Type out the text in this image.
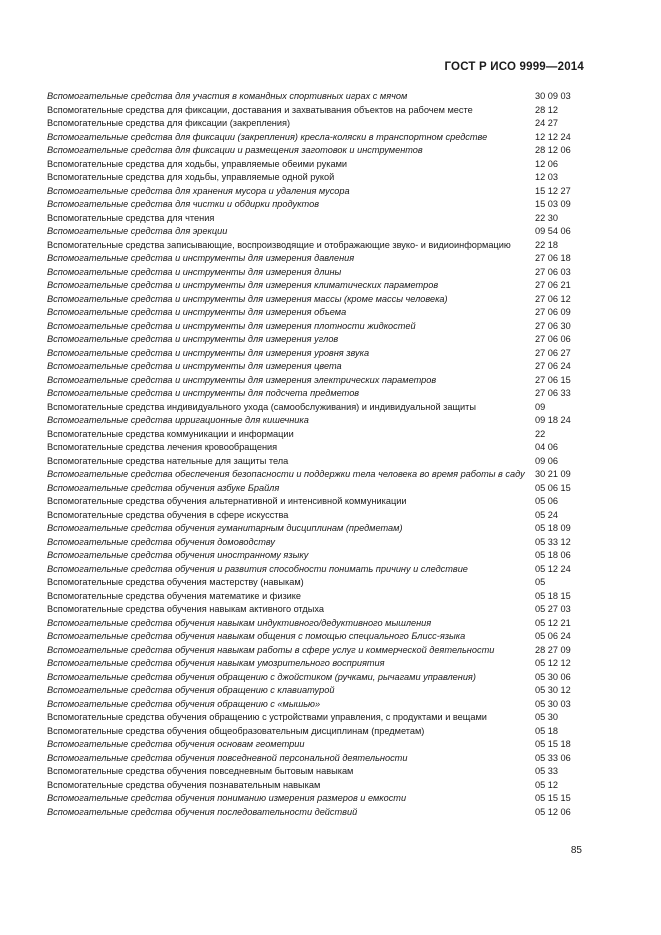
ГОСТ Р ИСО 9999—2014
Вспомогательные средства для участия в командных спортивных играх с мячом	30 09 03
Вспомогательные средства для фиксации, доставания и захватывания объектов на рабочем месте	28 12
Вспомогательные средства для фиксации (закрепления)	24 27
Вспомогательные средства для фиксации (закрепления) кресла-коляски в транспортном средстве	12 12 24
Вспомогательные средства для фиксации и размещения заготовок и инструментов	28 12 06
Вспомогательные средства для ходьбы, управляемые обеими руками	12 06
Вспомогательные средства для ходьбы, управляемые одной рукой	12 03
Вспомогательные средства для хранения мусора и удаления мусора	15 12 27
Вспомогательные средства для чистки и обдирки продуктов	15 03 09
Вспомогательные средства для чтения	22 30
Вспомогательные средства для эрекции	09 54 06
Вспомогательные средства записывающие, воспроизводящие и отображающие звуко- и видиоинформацию	22 18
Вспомогательные средства и инструменты для измерения давления	27 06 18
Вспомогательные средства и инструменты для измерения длины	27 06 03
Вспомогательные средства и инструменты для измерения климатических параметров	27 06 21
Вспомогательные средства и инструменты для измерения массы (кроме массы человека)	27 06 12
Вспомогательные средства и инструменты для измерения объема	27 06 09
Вспомогательные средства и инструменты для измерения плотности жидкостей	27 06 30
Вспомогательные средства и инструменты для измерения углов	27 06 06
Вспомогательные средства и инструменты для измерения уровня звука	27 06 27
Вспомогательные средства и инструменты для измерения цвета	27 06 24
Вспомогательные средства и инструменты для измерения электрических параметров	27 06 15
Вспомогательные средства и инструменты для подсчета предметов	27 06 33
Вспомогательные средства индивидуального ухода (самообслуживания) и индивидуальной защиты	09
Вспомогательные средства ирригационные для кишечника	09 18 24
Вспомогательные средства коммуникации и информации	22
Вспомогательные средства лечения кровообращения	04 06
Вспомогательные средства нательные для защиты тела	09 06
Вспомогательные средства обеспечения безопасности и поддержки тела человека во время работы в саду	30 21 09
Вспомогательные средства обучения азбуке Брайля	05 06 15
Вспомогательные средства обучения альтернативной и интенсивной коммуникации	05 06
Вспомогательные средства обучения в сфере искусства	05 24
Вспомогательные средства обучения гуманитарным дисциплинам (предметам)	05 18 09
Вспомогательные средства обучения домоводству	05 33 12
Вспомогательные средства обучения иностранному языку	05 18 06
Вспомогательные средства обучения и развития способности понимать причину и следствие	05 12 24
Вспомогательные средства обучения мастерству (навыкам)	05
Вспомогательные средства обучения математике и физике	05 18 15
Вспомогательные средства обучения навыкам активного отдыха	05 27 03
Вспомогательные средства обучения навыкам индуктивного/дедуктивного мышления	05 12 21
Вспомогательные средства обучения навыкам общения с помощью специального Блисс-языка	05 06 24
Вспомогательные средства обучения навыкам работы в сфере услуг и коммерческой деятельности	28 27 09
Вспомогательные средства обучения навыкам умозрительного восприятия	05 12 12
Вспомогательные средства обучения обращению с джойстиком (ручками, рычагами управления)	05 30 06
Вспомогательные средства обучения обращению с клавиатурой	05 30 12
Вспомогательные средства обучения обращению с «мышью»	05 30 03
Вспомогательные средства обучения обращению с устройствами управления, с продуктами и вещами	05 30
Вспомогательные средства обучения общеобразовательным дисциплинам (предметам)	05 18
Вспомогательные средства обучения основам геометрии	05 15 18
Вспомогательные средства обучения повседневной персональной деятельности	05 33 06
Вспомогательные средства обучения повседневным бытовым навыкам	05 33
Вспомогательные средства обучения познавательным навыкам	05 12
Вспомогательные средства обучения пониманию измерения размеров и емкости	05 15 15
Вспомогательные средства обучения последовательности действий	05 12 06
85
